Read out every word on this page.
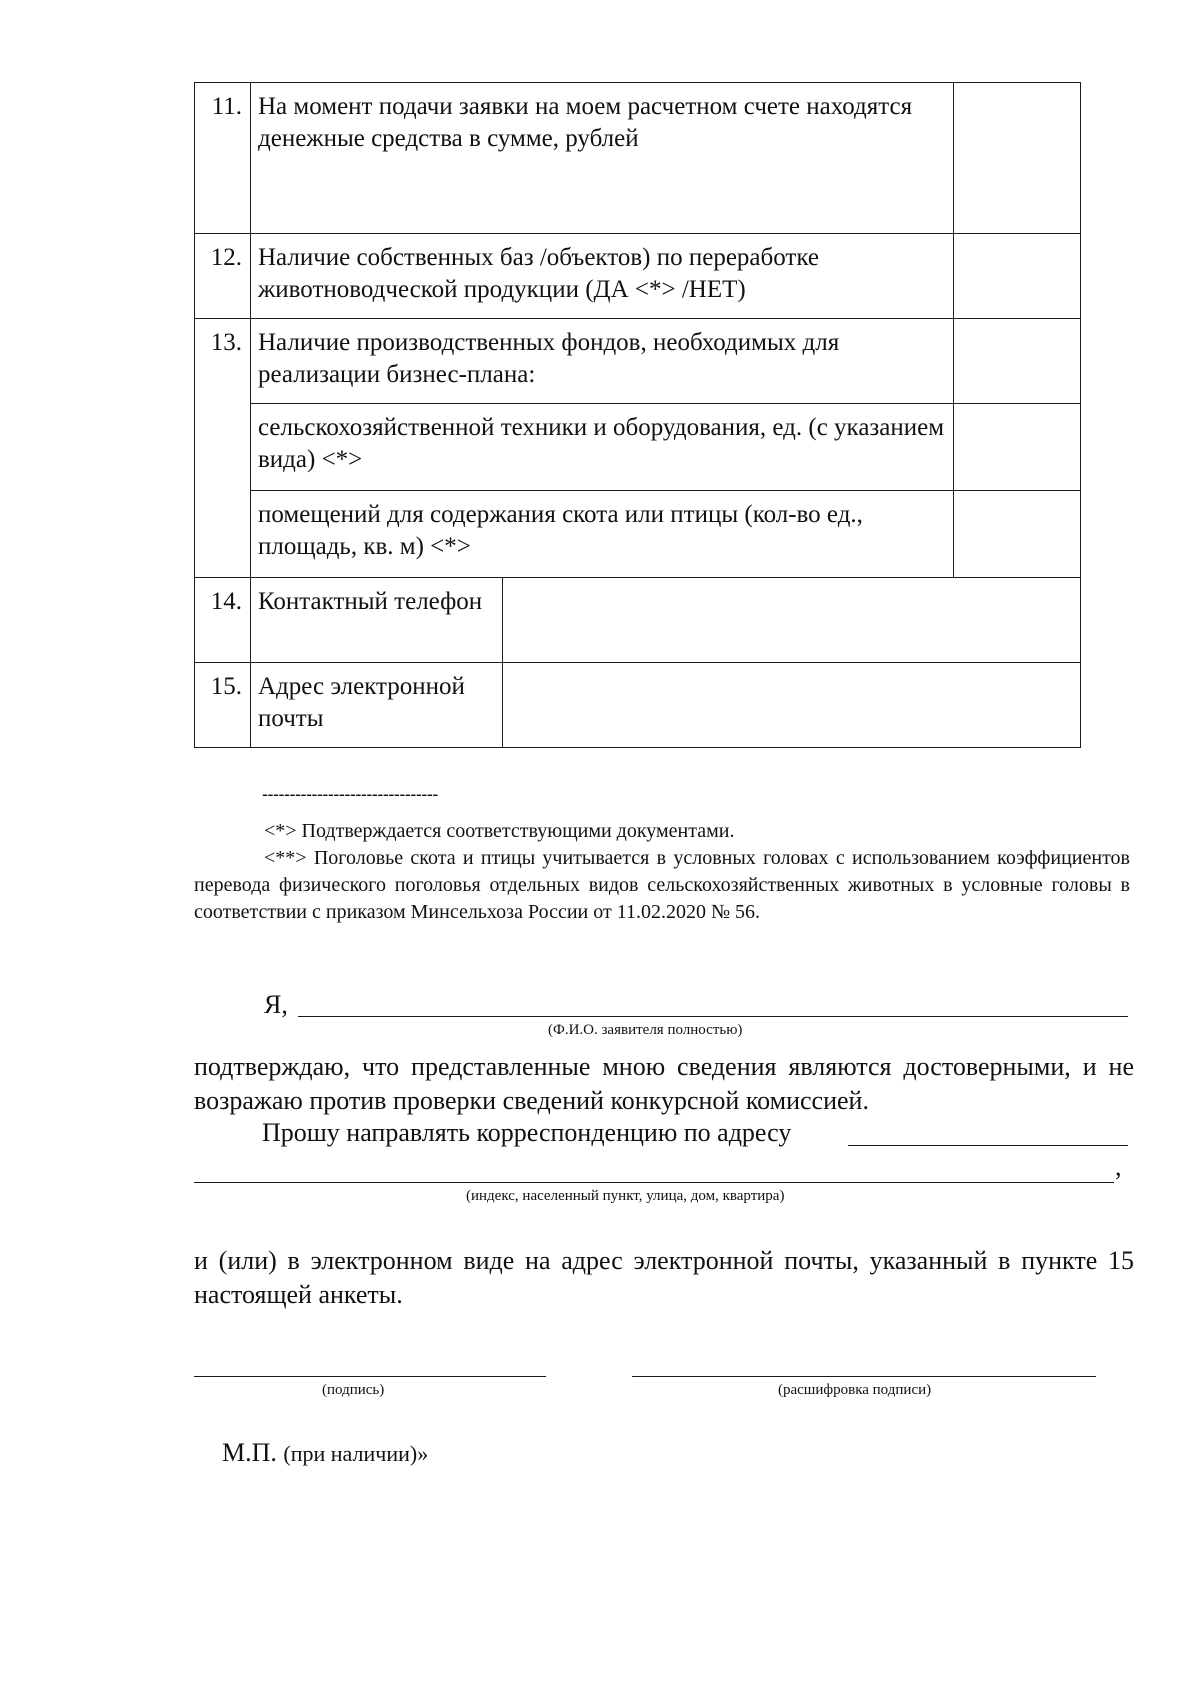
11.	На момент подачи заявки на моем расчетном счете находятся денежные средства в сумме, рублей		
12.	Наличие собственных баз /объектов) по переработке животноводческой продукции (ДА <*> /НЕТ)		
13.	Наличие производственных фондов, необходимых для реализации бизнес-плана:		
	сельскохозяйственной техники и оборудования, ед. (с указанием вида) <*>		
	помещений для содержания скота или птицы (кол-во ед., площадь, кв. м) <*>		
14.	Контактный телефон		
15.	Адрес электронной почты		
--------------------------------

<*> Подтверждается соответствующими документами.

<**> Поголовье скота и птицы учитывается в условных головах с использованием коэффициентов перевода физического поголовья отдельных видов сельскохозяйственных животных в условные головы в соответствии с приказом Минсельхоза России от 11.02.2020 № 56.

Я,
(Ф.И.О. заявителя полностью)

подтверждаю, что представленные мною сведения являются достоверными, и не возражаю против проверки сведений конкурсной комиссией.

Прошу направлять корреспонденцию по адресу
,
(индекс, населенный пункт, улица, дом, квартира)
и (или) в электронном виде на адрес электронной почты, указанный в пункте 15 настоящей анкеты.
(подпись)	(расшифровка подписи)
М.П. (при наличии)»
